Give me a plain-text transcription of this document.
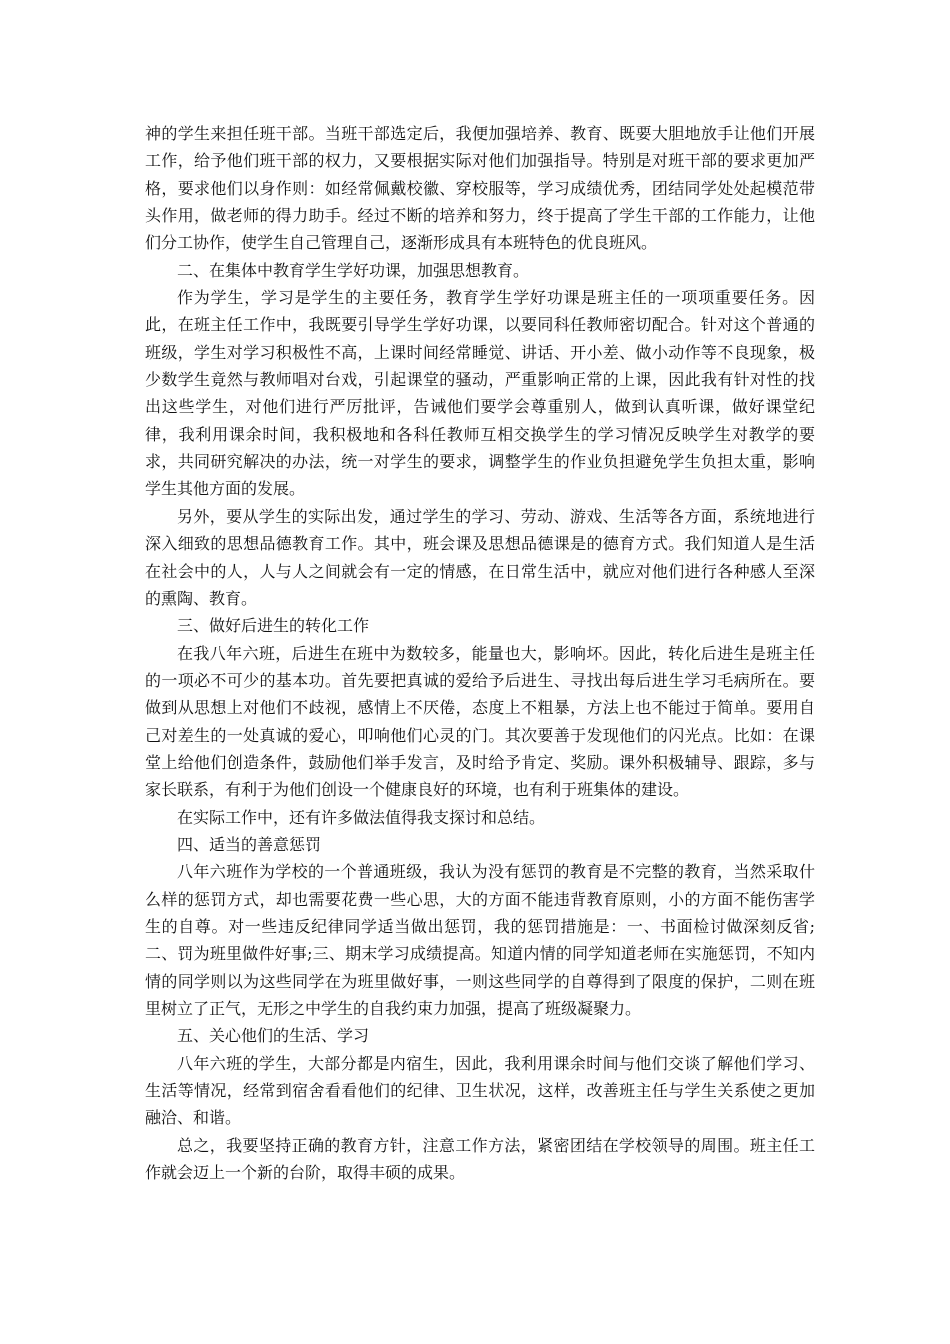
神的学生来担任班干部。当班干部选定后，我便加强培养、教育、既要大胆地放手让他们开展工作，给予他们班干部的权力，又要根据实际对他们加强指导。特别是对班干部的要求更加严格，要求他们以身作则：如经常佩戴校徽、穿校服等，学习成绩优秀，团结同学处处起模范带头作用，做老师的得力助手。经过不断的培养和努力，终于提高了学生干部的工作能力，让他们分工协作，使学生自己管理自己，逐渐形成具有本班特色的优良班风。

二、在集体中教育学生学好功课，加强思想教育。

作为学生，学习是学生的主要任务，教育学生学好功课是班主任的一项项重要任务。因此，在班主任工作中，我既要引导学生学好功课，以要同科任教师密切配合。针对这个普通的班级，学生对学习积极性不高，上课时间经常睡觉、讲话、开小差、做小动作等不良现象，极少数学生竟然与教师唱对台戏，引起课堂的骚动，严重影响正常的上课，因此我有针对性的找出这些学生，对他们进行严厉批评，告诫他们要学会尊重别人，做到认真听课，做好课堂纪律，我利用课余时间，我积极地和各科任教师互相交换学生的学习情况反映学生对教学的要求，共同研究解决的办法，统一对学生的要求，调整学生的作业负担避免学生负担太重，影响学生其他方面的发展。

另外，要从学生的实际出发，通过学生的学习、劳动、游戏、生活等各方面，系统地进行深入细致的思想品德教育工作。其中，班会课及思想品德课是的德育方式。我们知道人是生活在社会中的人，人与人之间就会有一定的情感，在日常生活中，就应对他们进行各种感人至深的熏陶、教育。

三、做好后进生的转化工作

在我八年六班，后进生在班中为数较多，能量也大，影响坏。因此，转化后进生是班主任的一项必不可少的基本功。首先要把真诚的爱给予后进生、寻找出每后进生学习毛病所在。要做到从思想上对他们不歧视，感情上不厌倦，态度上不粗暴，方法上也不能过于简单。要用自己对差生的一处真诚的爱心，叩响他们心灵的门。其次要善于发现他们的闪光点。比如：在课堂上给他们创造条件，鼓励他们举手发言，及时给予肯定、奖励。课外积极辅导、跟踪，多与家长联系，有利于为他们创设一个健康良好的环境，也有利于班集体的建设。

在实际工作中，还有许多做法值得我支探讨和总结。

四、适当的善意惩罚

八年六班作为学校的一个普通班级，我认为没有惩罚的教育是不完整的教育，当然采取什么样的惩罚方式，却也需要花费一些心思，大的方面不能违背教育原则，小的方面不能伤害学生的自尊。对一些违反纪律同学适当做出惩罚，我的惩罚措施是：一、书面检讨做深刻反省;二、罚为班里做件好事;三、期末学习成绩提高。知道内情的同学知道老师在实施惩罚，不知内情的同学则以为这些同学在为班里做好事，一则这些同学的自尊得到了限度的保护，二则在班里树立了正气，无形之中学生的自我约束力加强，提高了班级凝聚力。

五、关心他们的生活、学习

八年六班的学生，大部分都是内宿生，因此，我利用课余时间与他们交谈了解他们学习、生活等情况，经常到宿舍看看他们的纪律、卫生状况，这样，改善班主任与学生关系使之更加融洽、和谐。

总之，我要坚持正确的教育方针，注意工作方法，紧密团结在学校领导的周围。班主任工作就会迈上一个新的台阶，取得丰硕的成果。
